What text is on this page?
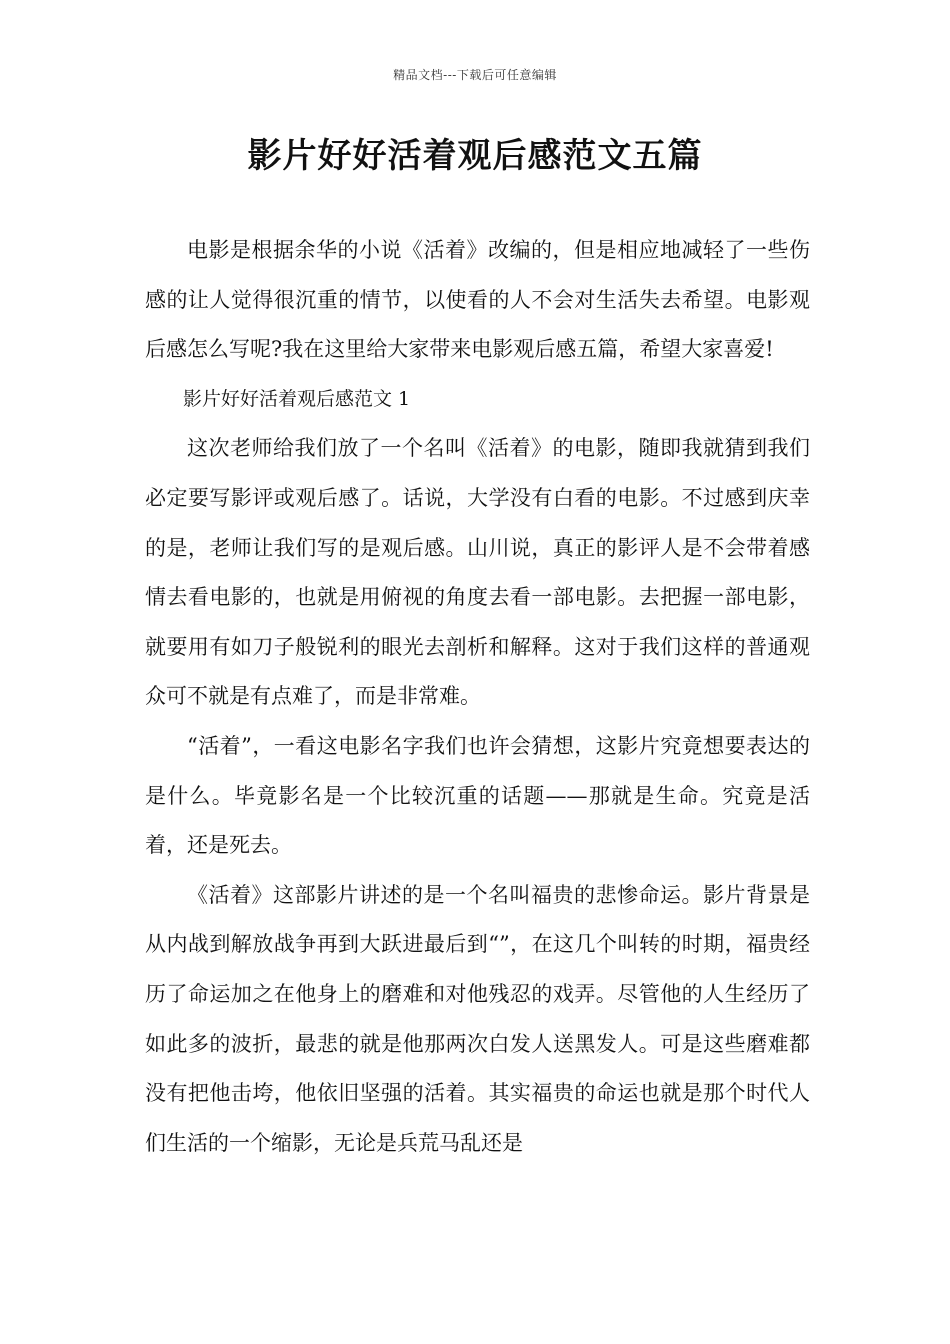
精品文档---下载后可任意编辑
影片好好活着观后感范文五篇

电影是根据余华的小说《活着》改编的，但是相应地减轻了一些伤感的让人觉得很沉重的情节，以使看的人不会对生活失去希望。电影观后感怎么写呢?我在这里给大家带来电影观后感五篇，希望大家喜爱!

影片好好活着观后感范文 1

这次老师给我们放了一个名叫《活着》的电影，随即我就猜到我们必定要写影评或观后感了。话说，大学没有白看的电影。不过感到庆幸的是，老师让我们写的是观后感。山川说，真正的影评人是不会带着感情去看电影的，也就是用俯视的角度去看一部电影。去把握一部电影，就要用有如刀子般锐利的眼光去剖析和解释。这对于我们这样的普通观众可不就是有点难了，而是非常难。

“活着”，一看这电影名字我们也许会猜想，这影片究竟想要表达的是什么。毕竟影名是一个比较沉重的话题——那就是生命。究竟是活着，还是死去。

《活着》这部影片讲述的是一个名叫福贵的悲惨命运。影片背景是从内战到解放战争再到大跃进最后到“”，在这几个叫转的时期，福贵经历了命运加之在他身上的磨难和对他残忍的戏弄。尽管他的人生经历了如此多的波折，最悲的就是他那两次白发人送黑发人。可是这些磨难都没有把他击垮，他依旧坚强的活着。其实福贵的命运也就是那个时代人们生活的一个缩影，无论是兵荒马乱还是
